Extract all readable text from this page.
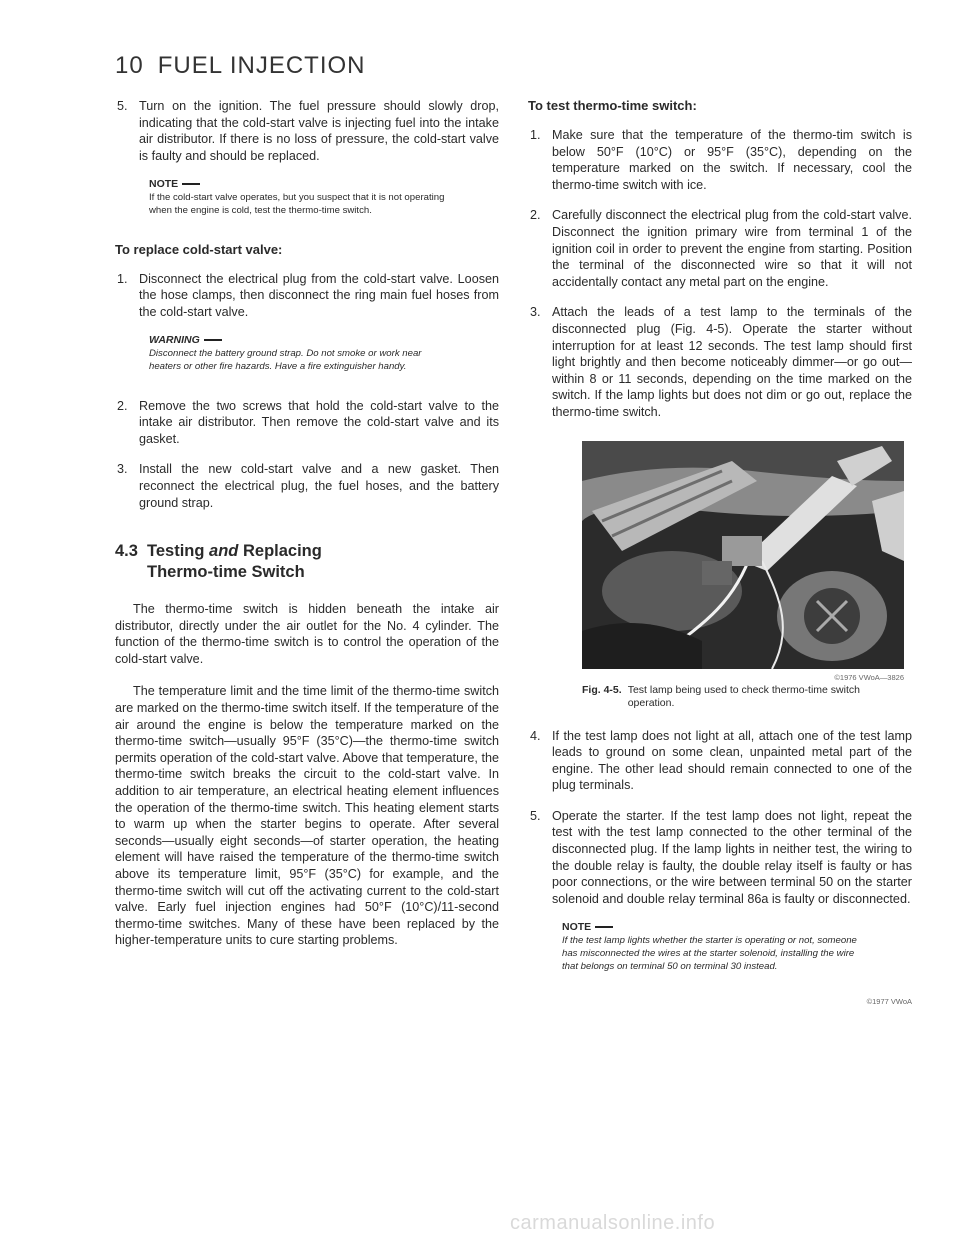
10 FUEL INJECTION
5. Turn on the ignition. The fuel pressure should slowly drop, indicating that the cold-start valve is injecting fuel into the intake air distributor. If there is no loss of pressure, the cold-start valve is faulty and should be replaced.
NOTE
If the cold-start valve operates, but you suspect that it is not operating when the engine is cold, test the thermo-time switch.
To replace cold-start valve:
1. Disconnect the electrical plug from the cold-start valve. Loosen the hose clamps, then disconnect the ring main fuel hoses from the cold-start valve.
WARNING
Disconnect the battery ground strap. Do not smoke or work near heaters or other fire hazards. Have a fire extinguisher handy.
2. Remove the two screws that hold the cold-start valve to the intake air distributor. Then remove the cold-start valve and its gasket.
3. Install the new cold-start valve and a new gasket. Then reconnect the electrical plug, the fuel hoses, and the battery ground strap.
4.3 Testing and Replacing
Thermo-time Switch

The thermo-time switch is hidden beneath the intake air distributor, directly under the air outlet for the No. 4 cylinder. The function of the thermo-time switch is to control the operation of the cold-start valve.

The temperature limit and the time limit of the thermo-time switch are marked on the thermo-time switch itself. If the temperature of the air around the engine is below the temperature marked on the thermo-time switch—usually 95°F (35°C)—the thermo-time switch permits operation of the cold-start valve. Above that temperature, the thermo-time switch breaks the circuit to the cold-start valve. In addition to air temperature, an electrical heating element influences the operation of the thermo-time switch. This heating element starts to warm up when the starter begins to operate. After several seconds—usually eight seconds—of starter operation, the heating element will have raised the temperature of the thermo-time switch above its temperature limit, 95°F (35°C) for example, and the thermo-time switch will cut off the activating current to the cold-start valve. Early fuel injection engines had 50°F (10°C)/11-second thermo-time switches. Many of these have been replaced by the higher-temperature units to cure starting problems.

To test thermo-time switch:
1. Make sure that the temperature of the thermo-tim switch is below 50°F (10°C) or 95°F (35°C), depending on the temperature marked on the switch. If necessary, cool the thermo-time switch with ice.
2. Carefully disconnect the electrical plug from the cold-start valve. Disconnect the ignition primary wire from terminal 1 of the ignition coil in order to prevent the engine from starting. Position the terminal of the disconnected wire so that it will not accidentally contact any metal part on the engine.
3. Attach the leads of a test lamp to the terminals of the disconnected plug (Fig. 4-5). Operate the starter without interruption for at least 12 seconds. The test lamp should first light brightly and then become noticeably dimmer—or go out—within 8 or 11 seconds, depending on the time marked on the switch. If the lamp lights but does not dim or go out, replace the thermo-time switch.
©1976 VWoA—3826
Fig. 4-5. Test lamp being used to check thermo-time switch operation.
4. If the test lamp does not light at all, attach one of the test lamp leads to ground on some clean, unpainted metal part of the engine. The other lead should remain connected to one of the plug terminals.
5. Operate the starter. If the test lamp does not light, repeat the test with the test lamp connected to the other terminal of the disconnected plug. If the lamp lights in neither test, the wiring to the double relay is faulty, the double relay itself is faulty or has poor connections, or the wire between terminal 50 on the starter solenoid and double relay terminal 86a is faulty or disconnected.
NOTE
If the test lamp lights whether the starter is operating or not, someone has misconnected the wires at the starter solenoid, installing the wire that belongs on terminal 50 on terminal 30 instead.
©1977 VWoA
carmanualsonline.info
